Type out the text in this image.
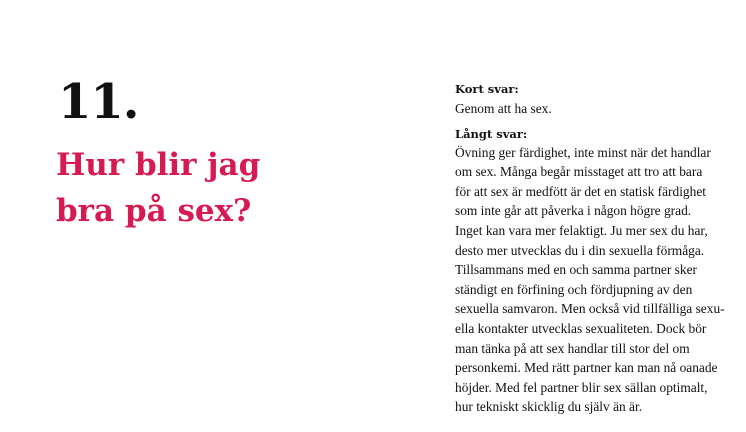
11.
Hur blir jag
bra på sex?
Kort svar:
Genom att ha sex.
Långt svar:
Övning ger färdighet, inte minst när det handlar
om sex. Många begår misstaget att tro att bara
för att sex är medfött är det en statisk färdighet
som inte går att påverka i någon högre grad.
Inget kan vara mer felaktigt. Ju mer sex du har,
desto mer utvecklas du i din sexuella förmåga.
Tillsammans med en och samma partner sker
ständigt en förfining och fördjupning av den
sexuella samvaron. Men också vid tillfälliga sexu-
ella kontakter utvecklas sexualiteten. Dock bör
man tänka på att sex handlar till stor del om
personkemi. Med rätt partner kan man nå oanade
höjder. Med fel partner blir sex sällan optimalt,
hur tekniskt skicklig du själv än är.
